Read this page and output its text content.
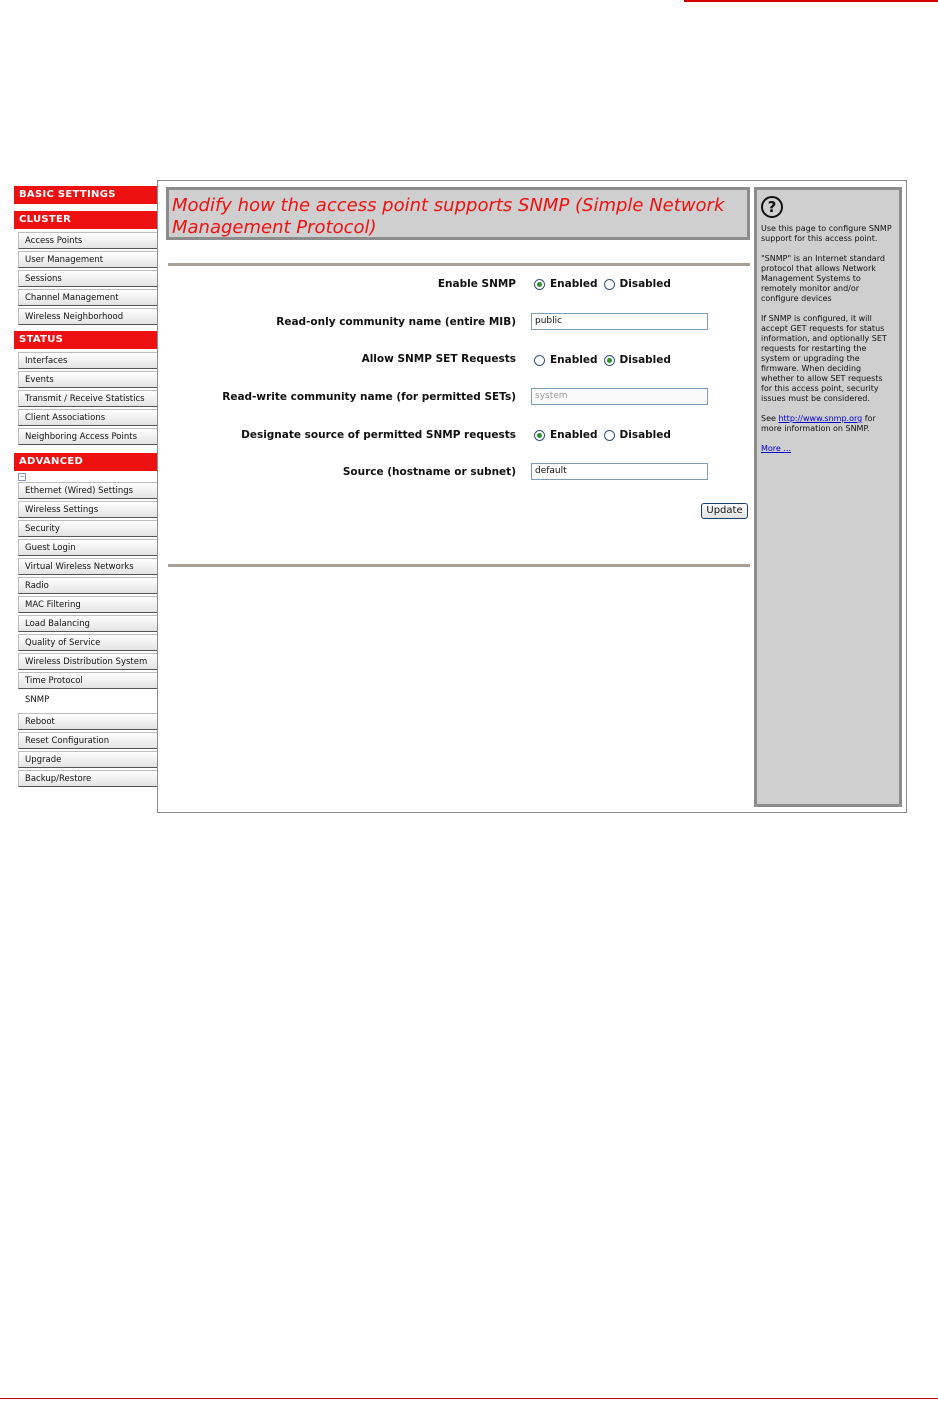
BASIC SETTINGS
CLUSTER
Access Points
User Management
Sessions
Channel Management
Wireless Neighborhood
STATUS
Interfaces
Events
Transmit / Receive Statistics
Client Associations
Neighboring Access Points
ADVANCED
−
Ethernet (Wired) Settings
Wireless Settings
Security
Guest Login
Virtual Wireless Networks
Radio
MAC Filtering
Load Balancing
Quality of Service
Wireless Distribution System
Time Protocol
SNMP
Reboot
Reset Configuration
Upgrade
Backup/Restore
Modify how the access point supports SNMP (Simple Network Management Protocol)
Enable SNMP	Enabled Disabled
Read-only community name (entire MIB)	public
Allow SNMP SET Requests	Enabled Disabled
Read-write community name (for permitted SETs)	system
Designate source of permitted SNMP requests	Enabled Disabled
Source (hostname or subnet)	default
Update
?

Use this page to configure SNMP support for this access point.

"SNMP" is an Internet standard protocol that allows Network Management Systems to remotely monitor and/or configure devices

If SNMP is configured, it will accept GET requests for status information, and optionally SET requests for restarting the system or upgrading the firmware. When deciding whether to allow SET requests for this access point, security issues must be considered.

See http://www.snmp.org for more information on SNMP.

More ...
